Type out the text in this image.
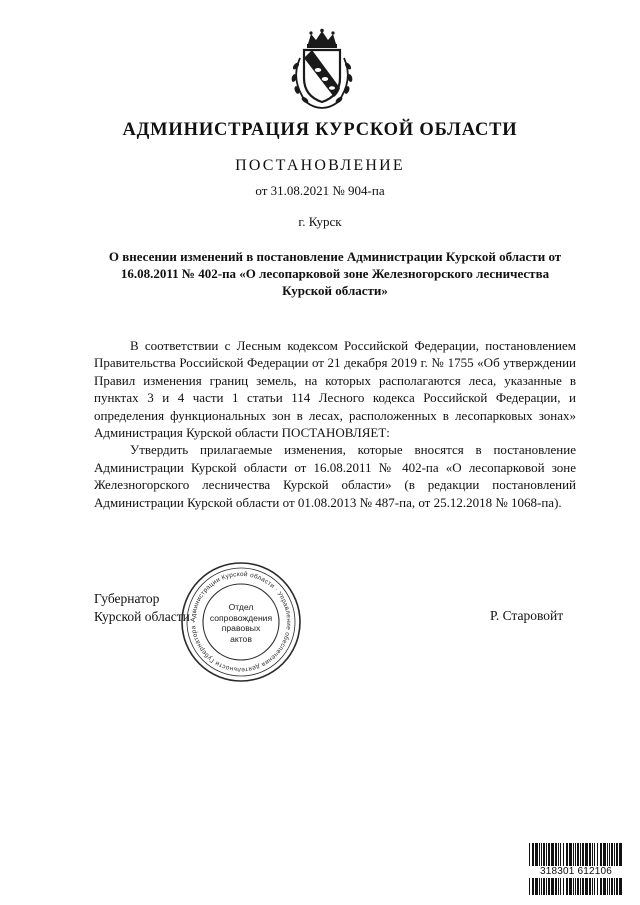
АДМИНИСТРАЦИЯ КУРСКОЙ ОБЛАСТИ
ПОСТАНОВЛЕНИЕ
от 31.08.2021 № 904-па
г. Курск
О внесении изменений в постановление Администрации Курской области от 16.08.2011 № 402-па «О лесопарковой зоне Железногорского лесничества Курской области»

В соответствии с Лесным кодексом Российской Федерации, постановлением Правительства Российской Федерации от 21 декабря 2019 г. № 1755 «Об утверждении Правил изменения границ земель, на которых располагаются леса, указанные в пунктах 3 и 4 части 1 статьи 114 Лесного кодекса Российской Федерации, и определения функциональных зон в лесах, расположенных в лесопарковых зонах» Администрация Курской области ПОСТАНОВЛЯЕТ:

Утвердить прилагаемые изменения, которые вносятся в постановление Администрации Курской области от 16.08.2011 № 402-па «О лесопарковой зоне Железногорского лесничества Курской области» (в редакции постановлений Администрации Курской области от 01.08.2013 № 487-па, от 25.12.2018 № 1068-па).

Губернатор
Курской области	Р. Старовойт
Администрации Курской области · Управление обеспечения деятельности Губернатора ·
Отдел
сопровождения
правовых
актов
318301 612106
